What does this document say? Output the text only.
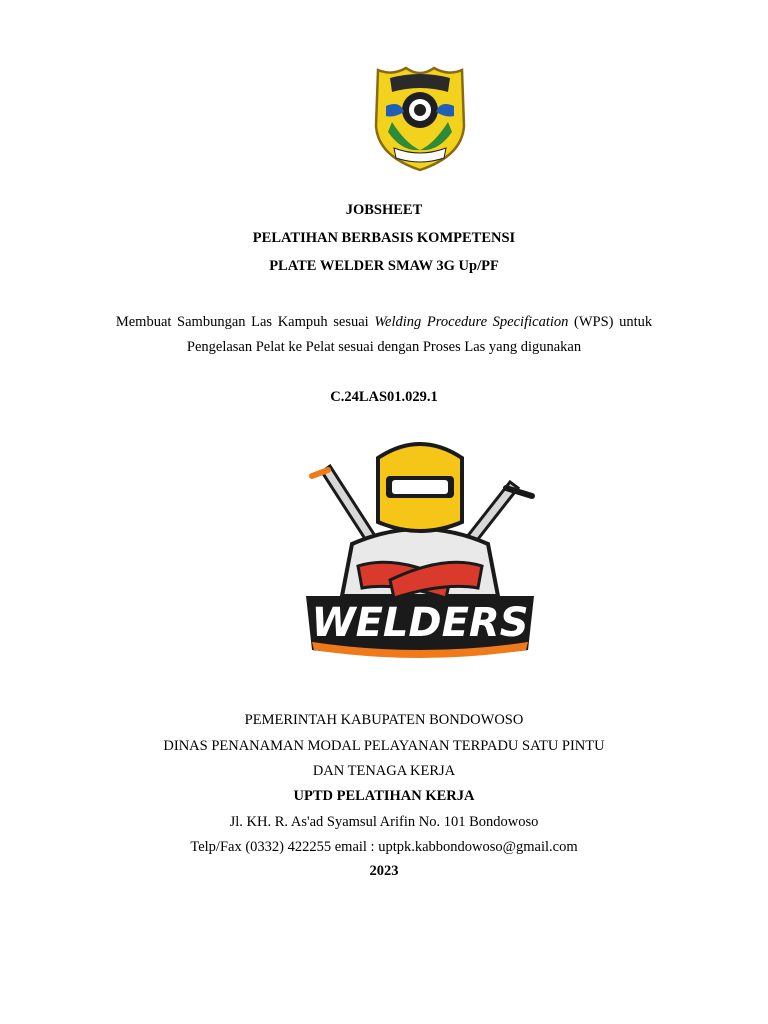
JOBSHEET
PELATIHAN BERBASIS KOMPETENSI
PLATE WELDER SMAW 3G Up/PF
Membuat Sambungan Las Kampuh sesuai Welding Procedure Specification (WPS) untuk
Pengelasan Pelat ke Pelat sesuai dengan Proses Las yang digunakan
C.24LAS01.029.1
WELDERS
PEMERINTAH KABUPATEN BONDOWOSO
DINAS PENANAMAN MODAL PELAYANAN TERPADU SATU PINTU
DAN TENAGA KERJA
UPTD PELATIHAN KERJA
Jl. KH. R. As'ad Syamsul Arifin No. 101 Bondowoso
Telp/Fax (0332) 422255 email : uptpk.kabbondowoso@gmail.com
2023
